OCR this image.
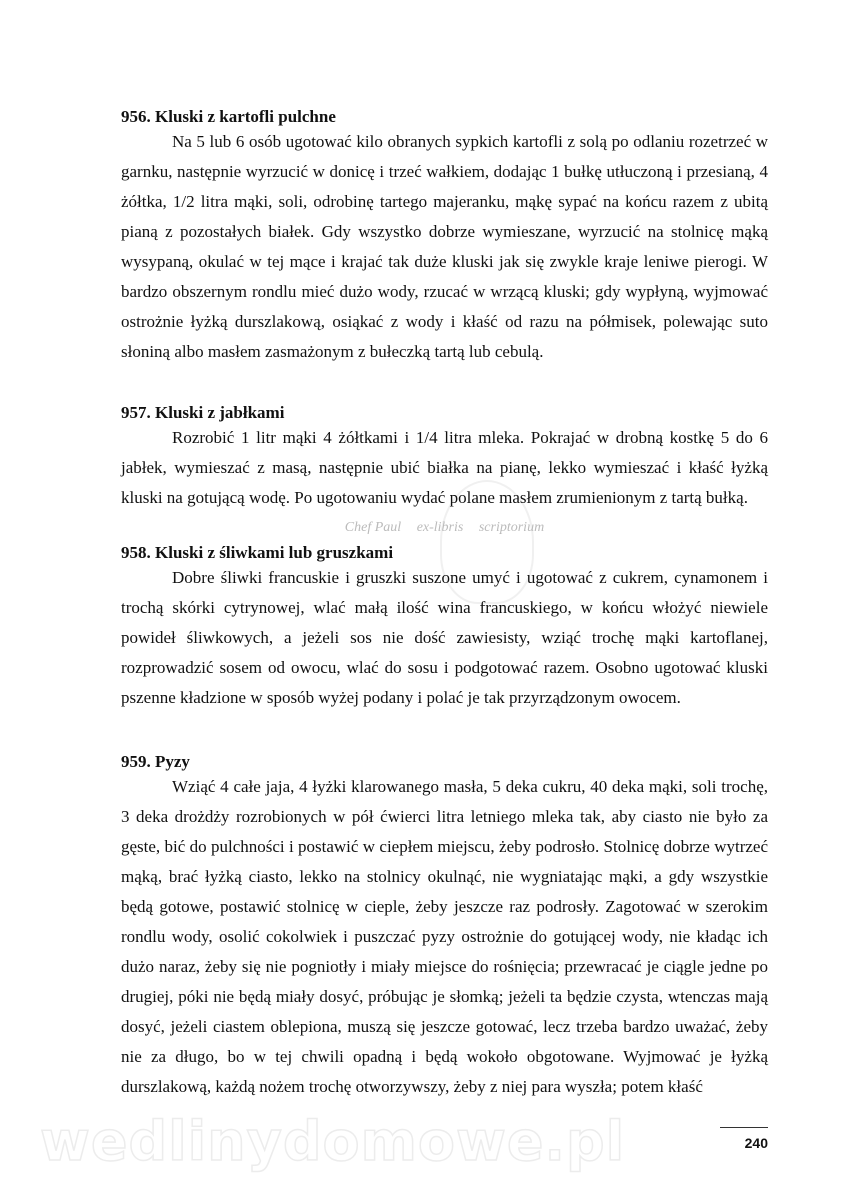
956. Kluski z kartofli pulchne

Na 5 lub 6 osób ugotować kilo obranych sypkich kartofli z solą po odlaniu rozetrzeć w garnku, następnie wyrzucić w donicę i trzeć wałkiem, dodając 1 bułkę utłuczoną i przesianą, 4 żółtka, 1/2 litra mąki, soli, odrobinę tartego majeranku, mąkę sypać na końcu razem z ubitą pianą z pozostałych białek. Gdy wszystko dobrze wymieszane, wyrzucić na stolnicę mąką wysypaną, okulać w tej mące i krajać tak duże kluski jak się zwykle kraje leniwe pierogi. W bardzo obszernym rondlu mieć dużo wody, rzucać w wrzącą kluski; gdy wypłyną, wyjmować ostrożnie łyżką durszlakową, osiąkać z wody i kłaść od razu na półmisek, polewając suto słoniną albo masłem zasmażonym z bułeczką tartą lub cebulą.

957. Kluski z jabłkami

Rozrobić 1 litr mąki 4 żółtkami i 1/4 litra mleka. Pokrajać w drobną kostkę 5 do 6 jabłek, wymieszać z masą, następnie ubić białka na pianę, lekko wymieszać i kłaść łyżką kluski na gotującą wodę. Po ugotowaniu wydać polane masłem zrumienionym z tartą bułką.

Chef Paul ex-libris scriptorium
958. Kluski z śliwkami lub gruszkami

Dobre śliwki francuskie i gruszki suszone umyć i ugotować z cukrem, cynamonem i trochą skórki cytrynowej, wlać małą ilość wina francuskiego, w końcu włożyć niewiele powideł śliwkowych, a jeżeli sos nie dość zawiesisty, wziąć trochę mąki kartoflanej, rozprowadzić sosem od owocu, wlać do sosu i podgotować razem. Osobno ugotować kluski pszenne kładzione w sposób wyżej podany i polać je tak przyrządzonym owocem.

959. Pyzy

Wziąć 4 całe jaja, 4 łyżki klarowanego masła, 5 deka cukru, 40 deka mąki, soli trochę, 3 deka drożdży rozrobionych w pół ćwierci litra letniego mleka tak, aby ciasto nie było za gęste, bić do pulchności i postawić w ciepłem miejscu, żeby podrosło. Stolnicę dobrze wytrzeć mąką, brać łyżką ciasto, lekko na stolnicy okulnąć, nie wygniatając mąki, a gdy wszystkie będą gotowe, postawić stolnicę w cieple, żeby jeszcze raz podrosły. Zagotować w szerokim rondlu wody, osolić cokolwiek i puszczać pyzy ostrożnie do gotującej wody, nie kładąc ich dużo naraz, żeby się nie pogniotły i miały miejsce do rośnięcia; przewracać je ciągle jedne po drugiej, póki nie będą miały dosyć, próbując je słomką; jeżeli ta będzie czysta, wtenczas mają dosyć, jeżeli ciastem oblepiona, muszą się jeszcze gotować, lecz trzeba bardzo uważać, żeby nie za długo, bo w tej chwili opadną i będą wokoło obgotowane. Wyjmować je łyżką durszlakową, każdą nożem trochę otworzywszy, żeby z niej para wyszła; potem kłaść

wedlinydomowe.pl	240
